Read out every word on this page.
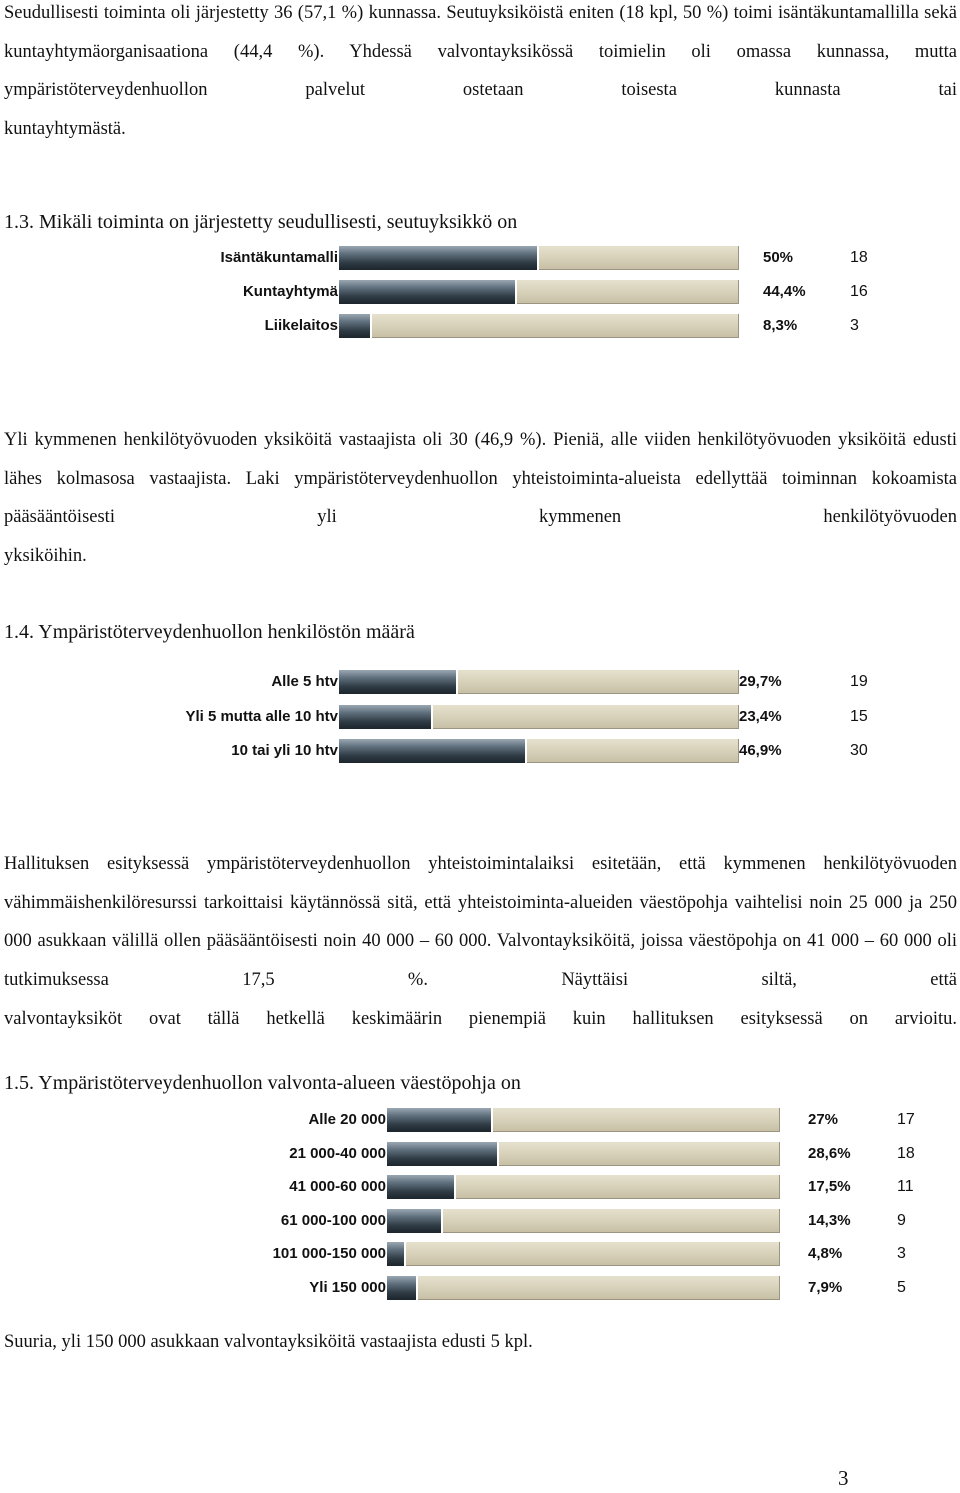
Seudullisesti toiminta oli järjestetty 36 (57,1 %) kunnassa. Seutuyksiköistä eniten (18 kpl, 50 %) toimi isäntäkuntamallilla sekä kuntayhtymäorganisaationa (44,4 %). Yhdessä valvontayksikössä toimielin oli omassa kunnassa, mutta ympäristöterveydenhuollon palvelut ostetaan toisesta kunnasta tai
kuntayhtymästä.

1.3. Mikäli toiminta on järjestetty seudullisesti, seutuyksikkö on
Isäntäkuntamalli	50%	18
Kuntayhtymä	44,4%	16
Liikelaitos	8,3%	3

Yli kymmenen henkilötyövuoden yksiköitä vastaajista oli 30 (46,9 %). Pieniä, alle viiden henkilötyövuoden yksiköitä edusti lähes kolmasosa vastaajista. Laki ympäristöterveydenhuollon yhteistoiminta-alueista edellyttää toiminnan kokoamista pääsääntöisesti yli kymmenen henkilötyövuoden
yksiköihin.

1.4. Ympäristöterveydenhuollon henkilöstön määrä
Alle 5 htv	29,7%	19
Yli 5 mutta alle 10 htv	23,4%	15
10 tai yli 10 htv	46,9%	30

Hallituksen esityksessä ympäristöterveydenhuollon yhteistoimintalaiksi esitetään, että kymmenen henkilötyövuoden vähimmäishenkilöresurssi tarkoittaisi käytännössä sitä, että yhteistoiminta-alueiden väestöpohja vaihtelisi noin 25 000 ja 250 000 asukkaan välillä ollen pääsääntöisesti noin 40 000 – 60 000. Valvontayksiköitä, joissa väestöpohja on 41 000 – 60 000 oli tutkimuksessa 17,5 %. Näyttäisi siltä, että
valvontayksiköt ovat tällä hetkellä keskimäärin pienempiä kuin hallituksen esityksessä on arvioitu.

1.5. Ympäristöterveydenhuollon valvonta-alueen väestöpohja on
Alle 20 000	27%	17
21 000-40 000	28,6%	18
41 000-60 000	17,5%	11
61 000-100 000	14,3%	9
101 000-150 000	4,8%	3
Yli 150 000	7,9%	5

Suuria, yli 150 000 asukkaan valvontayksiköitä vastaajista edusti 5 kpl.

3
